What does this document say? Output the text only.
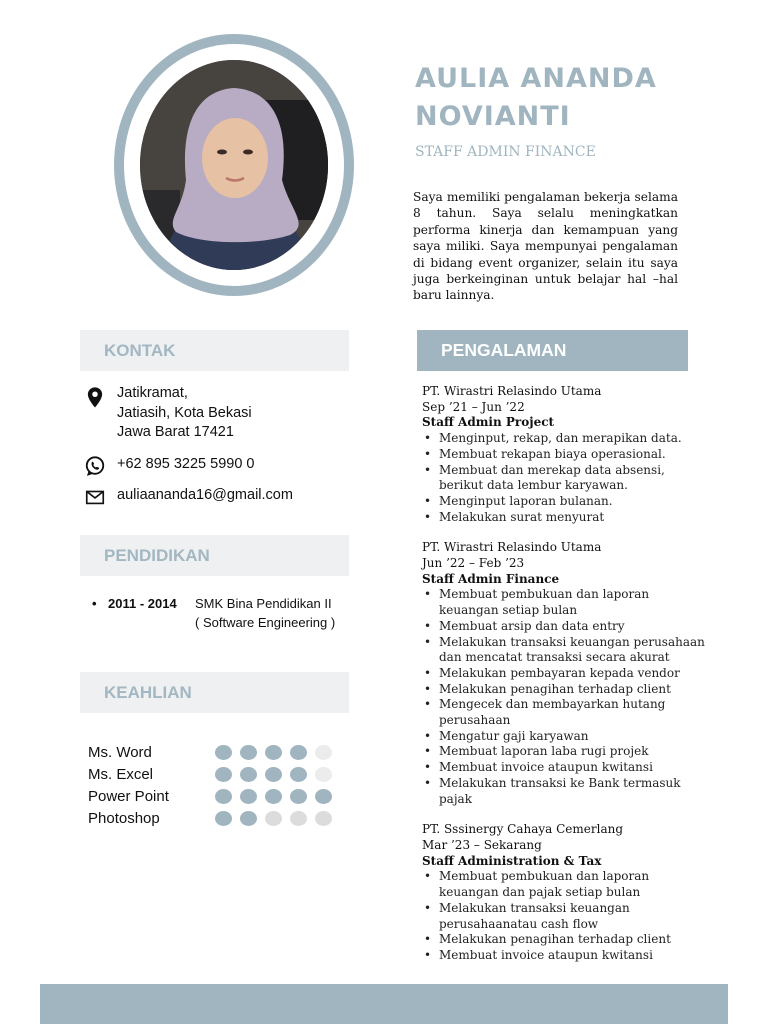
AULIA ANANDA
NOVIANTI
STAFF ADMIN FINANCE

Saya memiliki pengalaman bekerja selama 8 tahun. Saya selalu meningkatkan performa kinerja dan kemampuan yang saya miliki. Saya mempunyai pengalaman di bidang event organizer, selain itu saya juga berkeinginan untuk belajar hal –hal baru lainnya.

KONTAK
Jatikramat,
Jatiasih, Kota Bekasi
Jawa Barat 17421
+62 895 3225 5990 0
auliaananda16@gmail.com
PENDIDIKAN
• 2011 - 2014	SMK Bina Pendidikan II
( Software Engineering )
KEAHLIAN
Ms. Word
Ms. Excel
Power Point
Photoshop
PENGALAMAN
PT. Wirastri Relasindo Utama
Sep ’21 – Jun ’22
Staff Admin Project
• Menginput, rekap, dan merapikan data.
• Membuat rekapan biaya operasional.
• Membuat dan merekap data absensi, berikut data lembur karyawan.
• Menginput laporan bulanan.
• Melakukan surat menyurat
PT. Wirastri Relasindo Utama
Jun ’22 – Feb ’23
Staff Admin Finance
• Membuat pembukuan dan laporan keuangan setiap bulan
• Membuat arsip dan data entry
• Melakukan transaksi keuangan perusahaan dan mencatat transaksi secara akurat
• Melakukan pembayaran kepada vendor
• Melakukan penagihan terhadap client
• Mengecek dan membayarkan hutang perusahaan
• Mengatur gaji karyawan
• Membuat laporan laba rugi projek
• Membuat invoice ataupun kwitansi
• Melakukan transaksi ke Bank termasuk pajak
PT. Sssinergy Cahaya Cemerlang
Mar ’23 – Sekarang
Staff Administration & Tax
• Membuat pembukuan dan laporan keuangan dan pajak setiap bulan
• Melakukan transaksi keuangan perusahaanatau cash flow
• Melakukan penagihan terhadap client
• Membuat invoice ataupun kwitansi
